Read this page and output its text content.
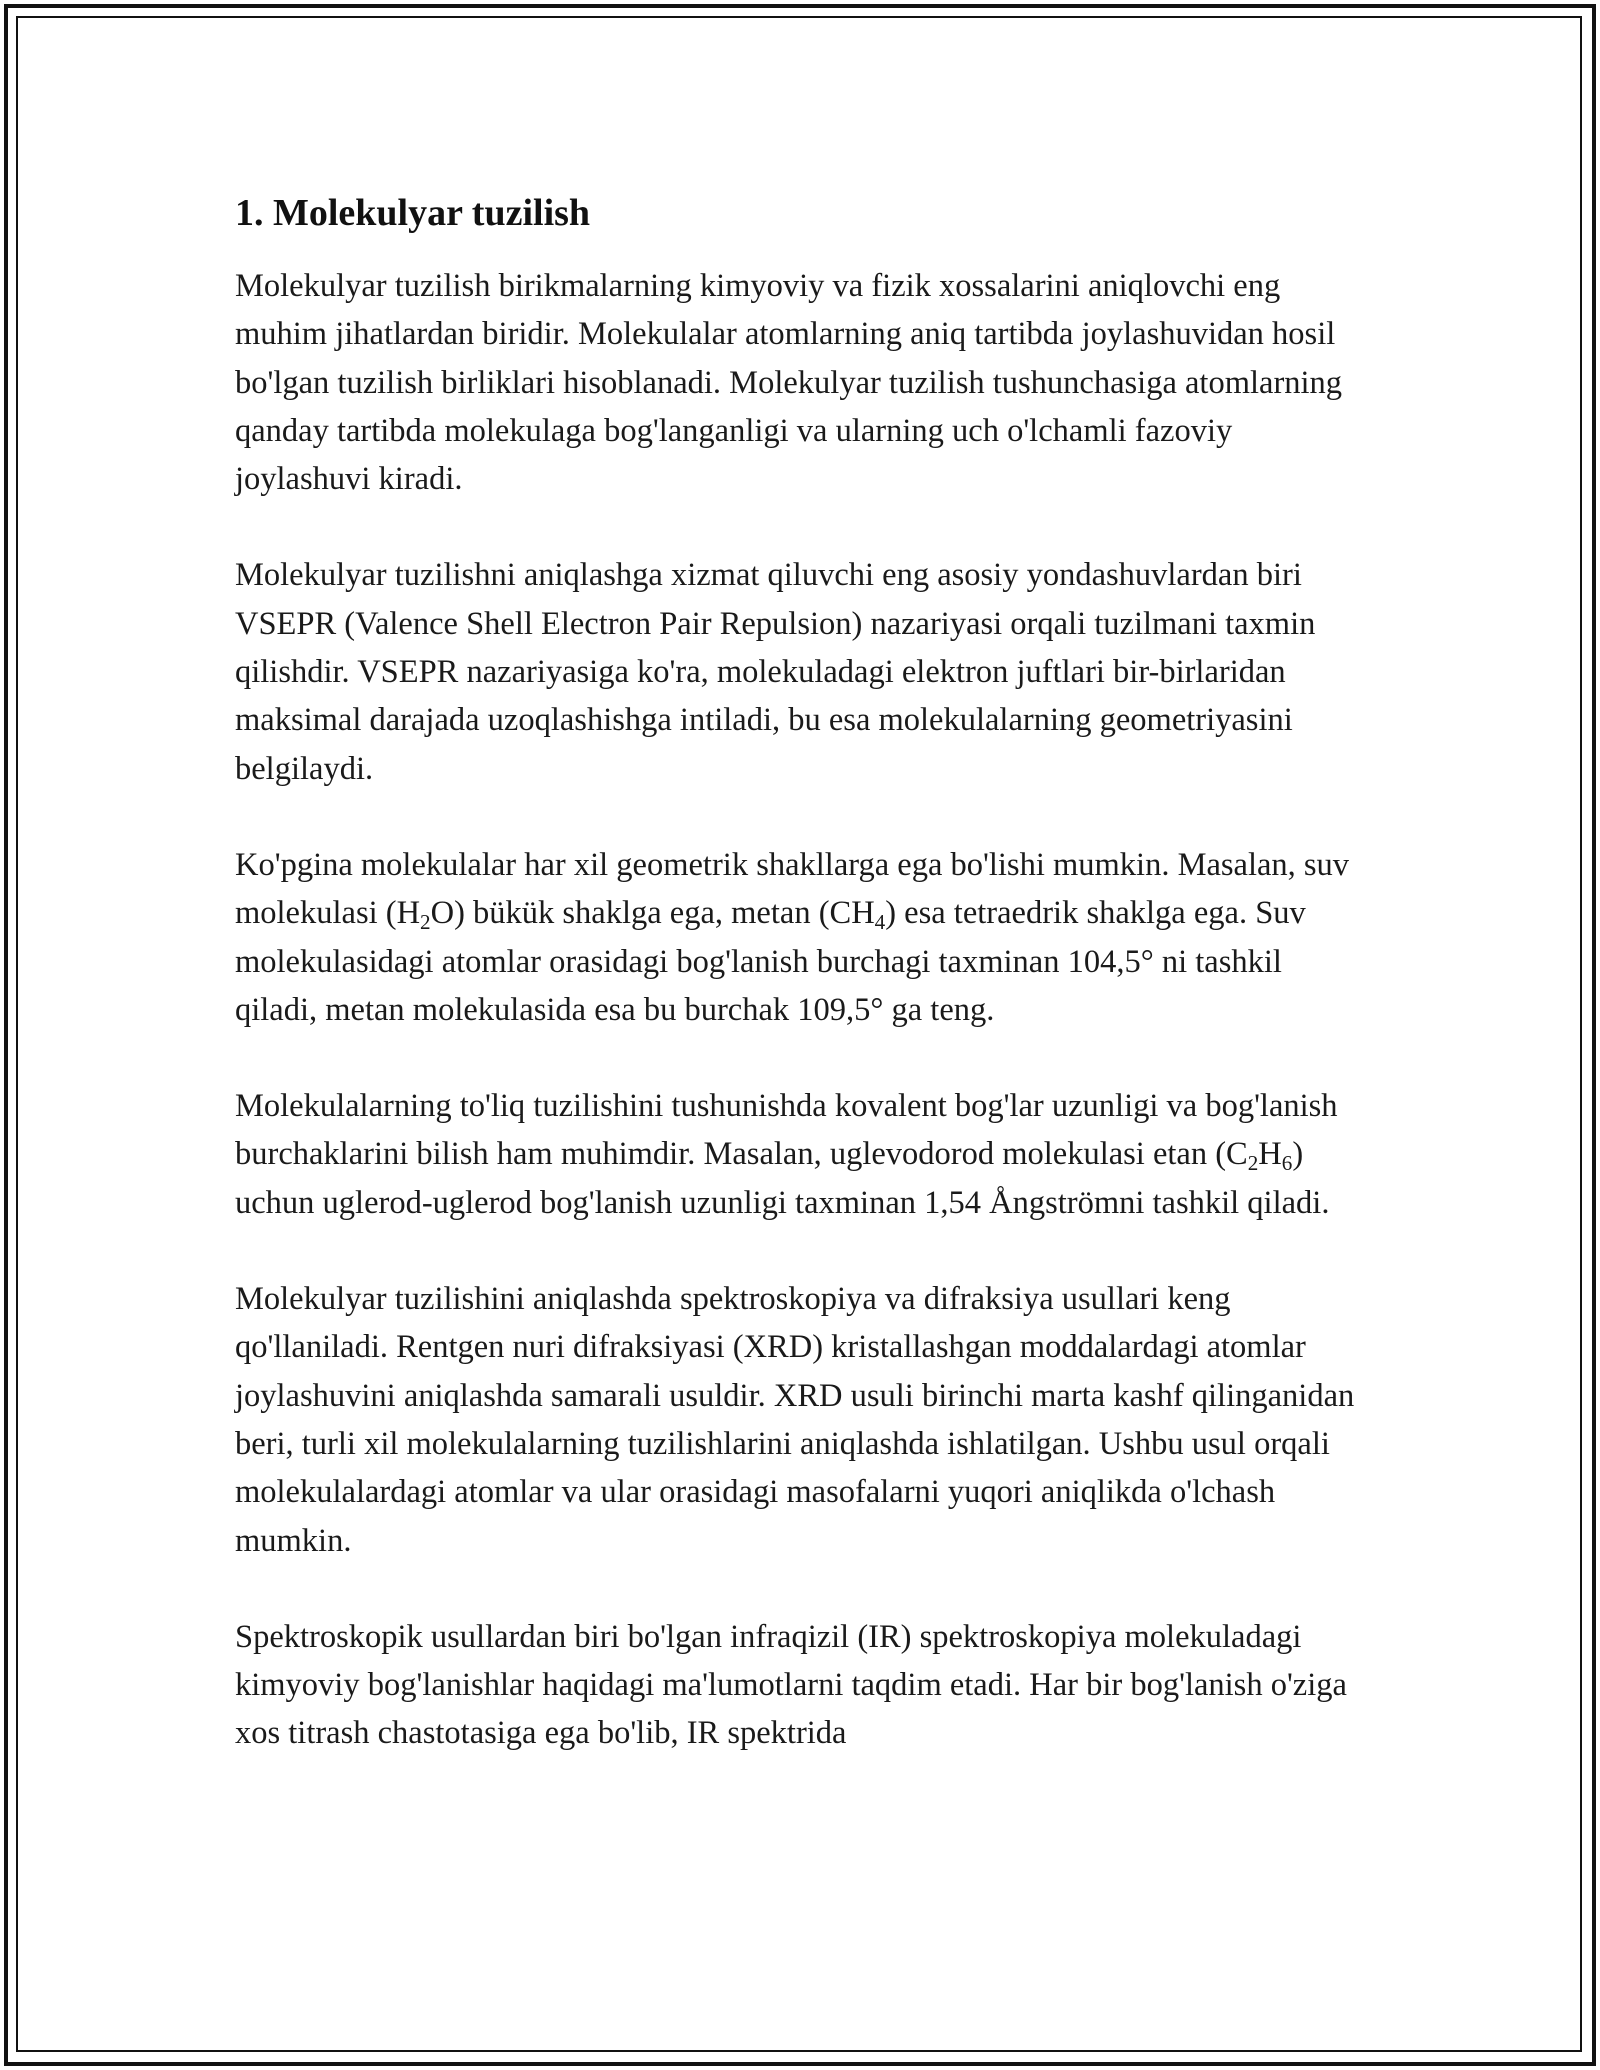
1. Molekulyar tuzilish

Molekulyar tuzilish birikmalarning kimyoviy va fizik xossalarini aniqlovchi eng muhim jihatlardan biridir. Molekulalar atomlarning aniq tartibda joylashuvidan hosil bo'lgan tuzilish birliklari hisoblanadi. Molekulyar tuzilish tushunchasiga atomlarning qanday tartibda molekulaga bog'langanligi va ularning uch o'lchamli fazoviy joylashuvi kiradi.

Molekulyar tuzilishni aniqlashga xizmat qiluvchi eng asosiy yondashuvlardan biri VSEPR (Valence Shell Electron Pair Repulsion) nazariyasi orqali tuzilmani taxmin qilishdir. VSEPR nazariyasiga ko'ra, molekuladagi elektron juftlari bir-birlaridan maksimal darajada uzoqlashishga intiladi, bu esa molekulalarning geometriyasini belgilaydi.

Ko'pgina molekulalar har xil geometrik shakllarga ega bo'lishi mumkin. Masalan, suv molekulasi $(H_2O)$ bükük shaklga ega, metan $(CH_4)$ esa tetraedrik shaklga ega. Suv molekulasidagi atomlar orasidagi bog'lanish burchagi taxminan 104,5° ni tashkil qiladi, metan molekulasida esa bu burchak 109,5° ga teng.

Molekulalarning to'liq tuzilishini tushunishda kovalent bog'lar uzunligi va bog'lanish burchaklarini bilish ham muhimdir. Masalan, uglevodorod molekulasi etan $(C_2H_6)$ uchun uglerod-uglerod bog'lanish uzunligi taxminan 1,54 Ångströmni tashkil qiladi.

Molekulyar tuzilishini aniqlashda spektroskopiya va difraksiya usullari keng qo'llaniladi. Rentgen nuri difraksiyasi (XRD) kristallashgan moddalardagi atomlar joylashuvini aniqlashda samarali usuldir. XRD usuli birinchi marta kashf qilinganidan beri, turli xil molekulalarning tuzilishlarini aniqlashda ishlatilgan. Ushbu usul orqali molekulalardagi atomlar va ular orasidagi masofalarni yuqori aniqlikda o'lchash mumkin.

Spektroskopik usullardan biri bo'lgan infraqizil (IR) spektroskopiya molekuladagi kimyoviy bog'lanishlar haqidagi ma'lumotlarni taqdim etadi. Har bir bog'lanish o'ziga xos titrash chastotasiga ega bo'lib, IR spektrida
